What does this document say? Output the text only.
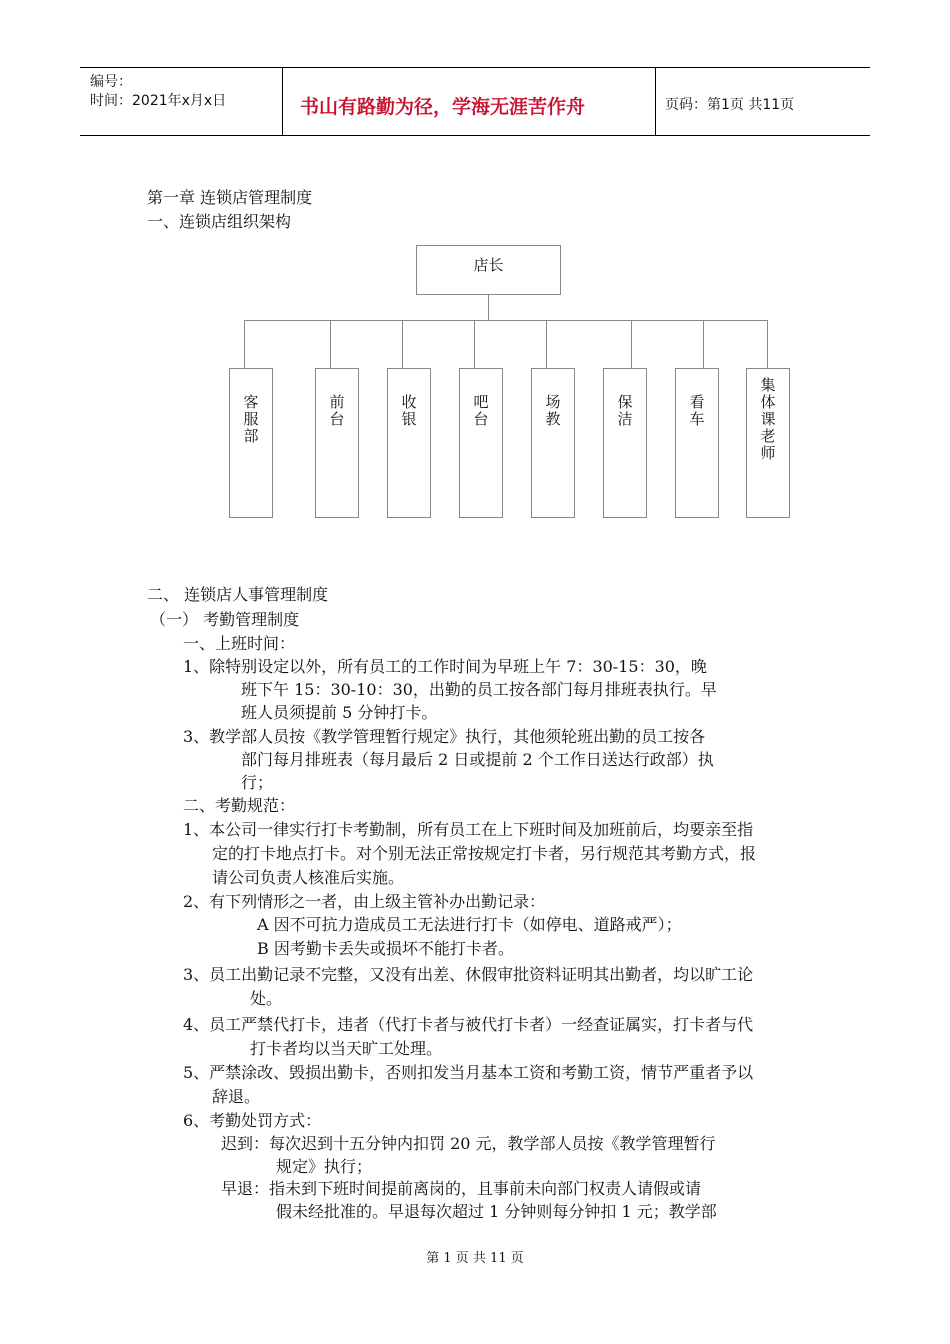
编号：
时间：2021年x月x日	书山有路勤为径，学海无涯苦作舟	页码：第1页 共11页
第一章 连锁店管理制度
一、连锁店组织架构
店长
客
服
部
前
台
收
银
吧
台
场
教
保
洁
看
车
集
体
课
老
师
二、 连锁店人事管理制度
（一） 考勤管理制度
一、上班时间：
1、除特别设定以外，所有员工的工作时间为早班上午 7：30-15：30，晚
班下午 15：30-10：30，出勤的员工按各部门每月排班表执行。早
班人员须提前 5 分钟打卡。
3、教学部人员按《教学管理暂行规定》执行，其他须轮班出勤的员工按各
部门每月排班表（每月最后 2 日或提前 2 个工作日送达行政部）执
行；
二、考勤规范：
1、本公司一律实行打卡考勤制，所有员工在上下班时间及加班前后，均要亲至指
定的打卡地点打卡。对个别无法正常按规定打卡者，另行规范其考勤方式，报
请公司负责人核准后实施。
2、有下列情形之一者，由上级主管补办出勤记录：
A 因不可抗力造成员工无法进行打卡（如停电、道路戒严）；
B 因考勤卡丢失或损坏不能打卡者。
3、员工出勤记录不完整，又没有出差、休假审批资料证明其出勤者，均以旷工论
处。
4、员工严禁代打卡，违者（代打卡者与被代打卡者）一经查证属实，打卡者与代
打卡者均以当天旷工处理。
5、严禁涂改、毁损出勤卡，否则扣发当月基本工资和考勤工资，情节严重者予以
辞退。
6、考勤处罚方式：
迟到：每次迟到十五分钟内扣罚 20 元，教学部人员按《教学管理暂行
规定》执行；
早退：指未到下班时间提前离岗的，且事前未向部门权责人请假或请
假未经批准的。早退每次超过 1 分钟则每分钟扣 1 元；教学部
第 1 页 共 11 页
